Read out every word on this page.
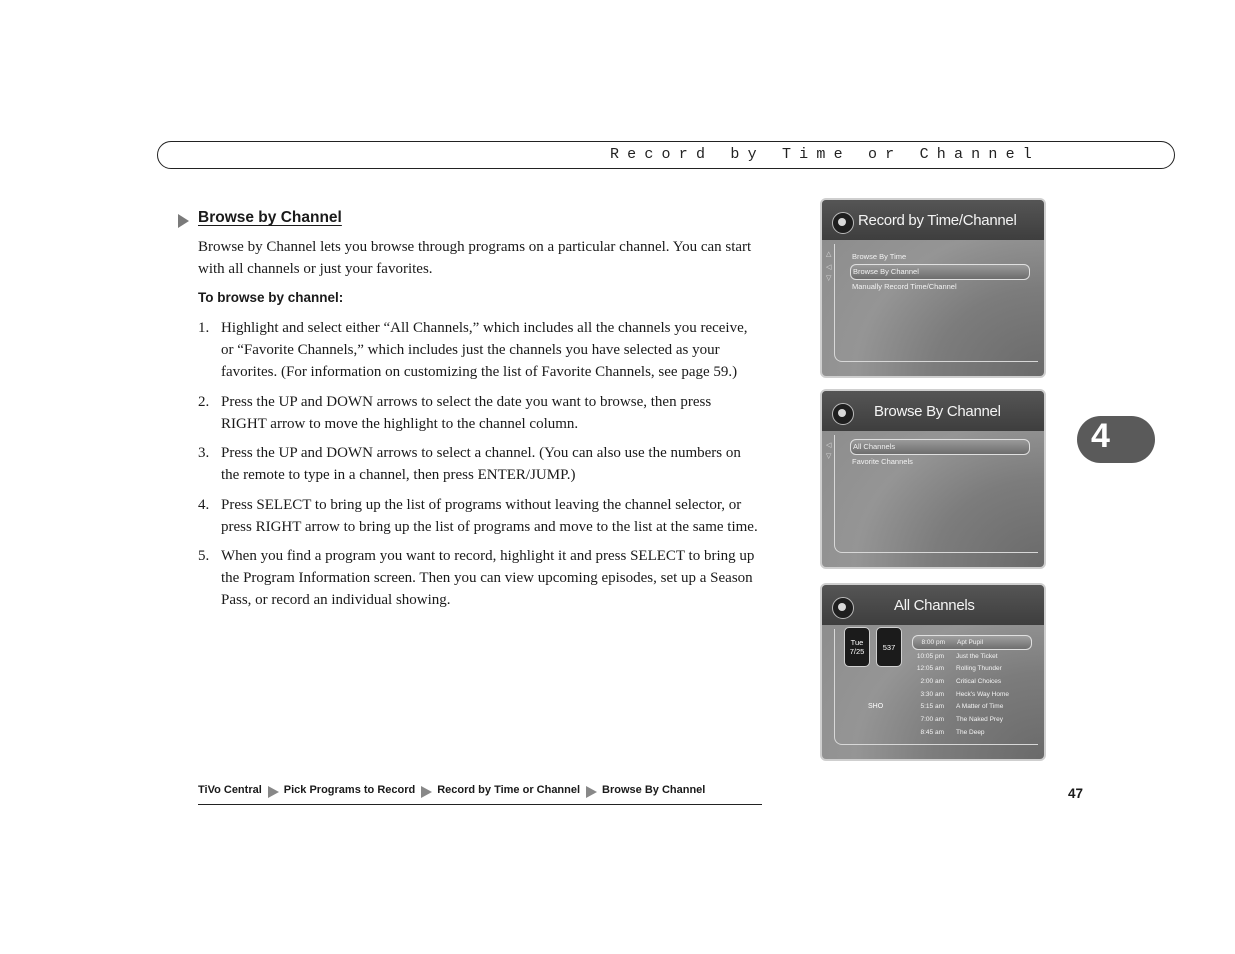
Record by Time or Channel
Browse by Channel

Browse by Channel lets you browse through programs on a particular channel. You can start with all channels or just your favorites.

To browse by channel:
1. Highlight and select either “All Channels,” which includes all the channels you receive, or “Favorite Channels,” which includes just the channels you have selected as your favorites. (For information on customizing the list of Favorite Channels, see page 59.)
2. Press the UP and DOWN arrows to select the date you want to browse, then press RIGHT arrow to move the highlight to the channel column.
3. Press the UP and DOWN arrows to select a channel. (You can also use the numbers on the remote to type in a channel, then press ENTER/JUMP.)
4. Press SELECT to bring up the list of programs without leaving the channel selector, or press RIGHT arrow to bring up the list of programs and move to the list at the same time.
5. When you find a program you want to record, highlight it and press SELECT to bring up the Program Information screen. Then you can view upcoming episodes, set up a Season Pass, or record an individual showing.
TiVo Central Pick Programs to Record Record by Time or Channel Browse By Channel	47
4
Record by Time/Channel
△
◁
▽
Browse By Time
Browse By Channel
Manually Record Time/Channel
Browse By Channel
◁
▽
All Channels
Favorite Channels
All Channels
Tue
7/25	537
SHO
8:00 pm	Apt Pupil
10:05 pm	Just the Ticket
12:05 am	Rolling Thunder
2:00 am	Critical Choices
3:30 am	Heck's Way Home
5:15 am	A Matter of Time
7:00 am	The Naked Prey
8:45 am	The Deep
